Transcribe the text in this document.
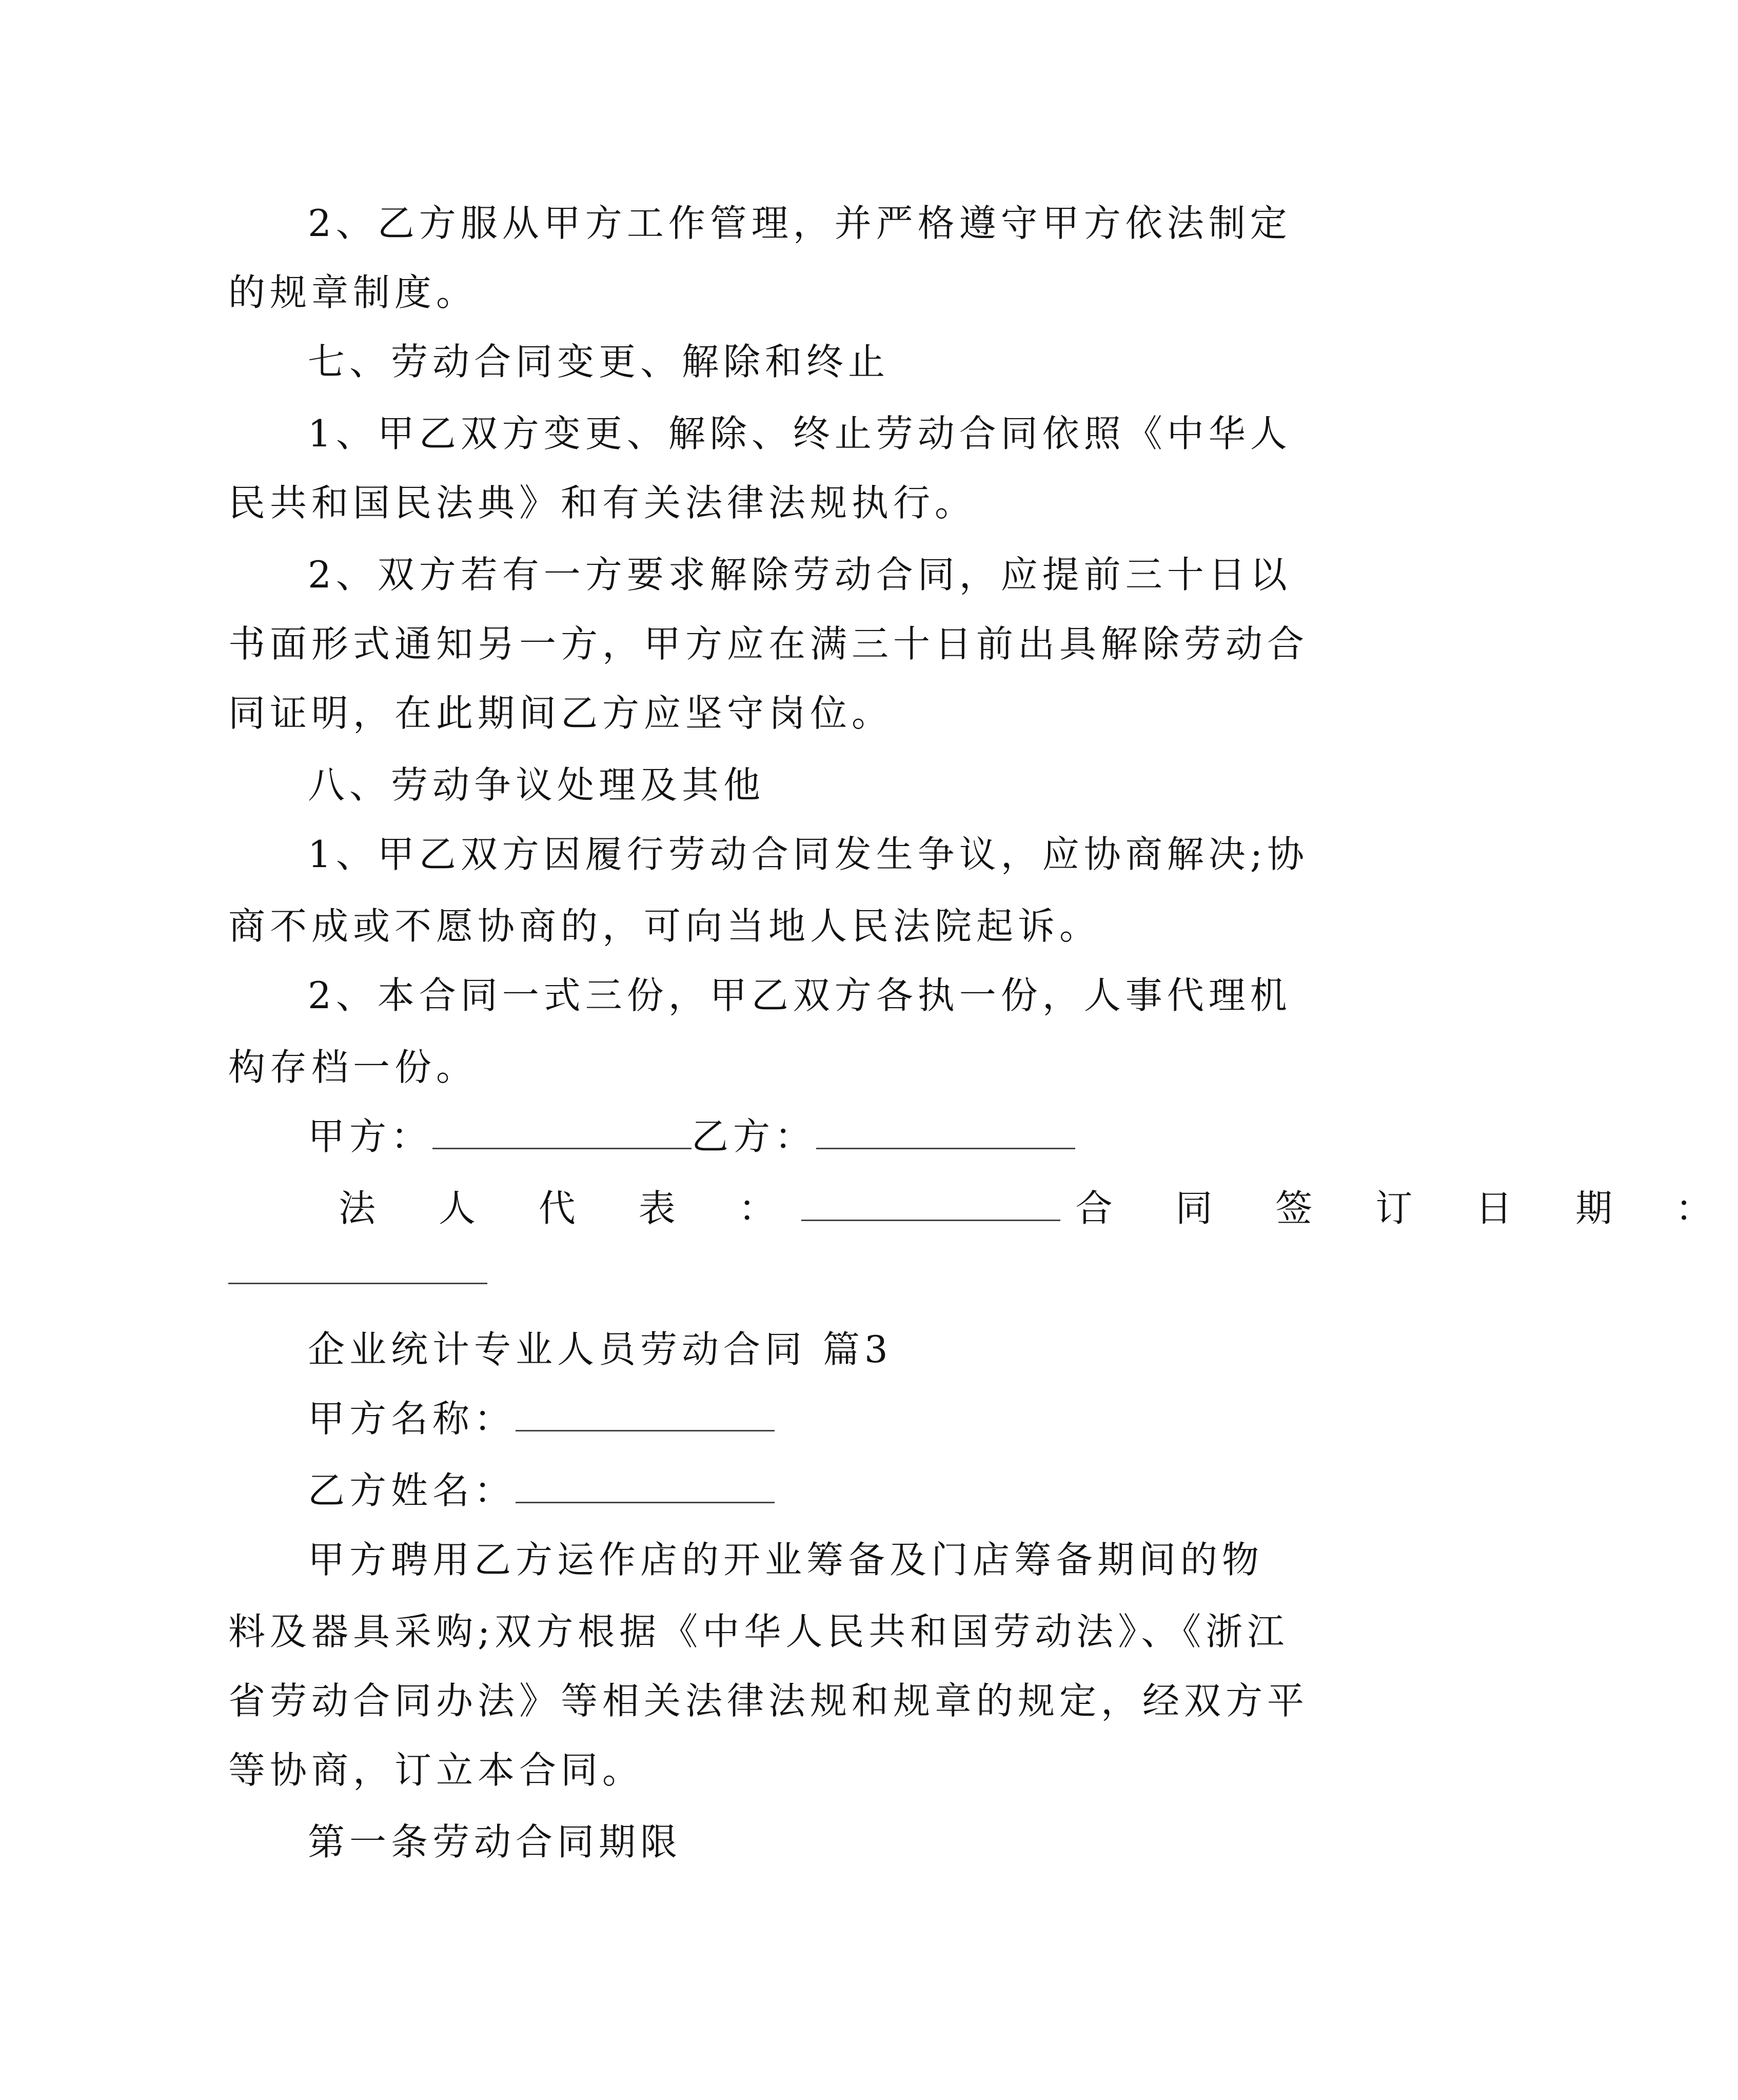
2、乙方服从甲方工作管理，并严格遵守甲方依法制定
的规章制度。
七、劳动合同变更、解除和终止
1、甲乙双方变更、解除、终止劳动合同依照《中华人
民共和国民法典》和有关法律法规执行。
2、双方若有一方要求解除劳动合同，应提前三十日以
书面形式通知另一方，甲方应在满三十日前出具解除劳动合
同证明，在此期间乙方应坚守岗位。
八、劳动争议处理及其他
1、甲乙双方因履行劳动合同发生争议，应协商解决;协
商不成或不愿协商的，可向当地人民法院起诉。
2、本合同一式三份，甲乙双方各执一份，人事代理机
构存档一份。
甲方：	乙方：
法 人 代 表 ：	合 同 签 订 日 期 ：
企业统计专业人员劳动合同 篇3
甲方名称：
乙方姓名：
甲方聘用乙方运作店的开业筹备及门店筹备期间的物
料及器具采购;双方根据《中华人民共和国劳动法》、《浙江
省劳动合同办法》等相关法律法规和规章的规定，经双方平
等协商，订立本合同。
第一条劳动合同期限
